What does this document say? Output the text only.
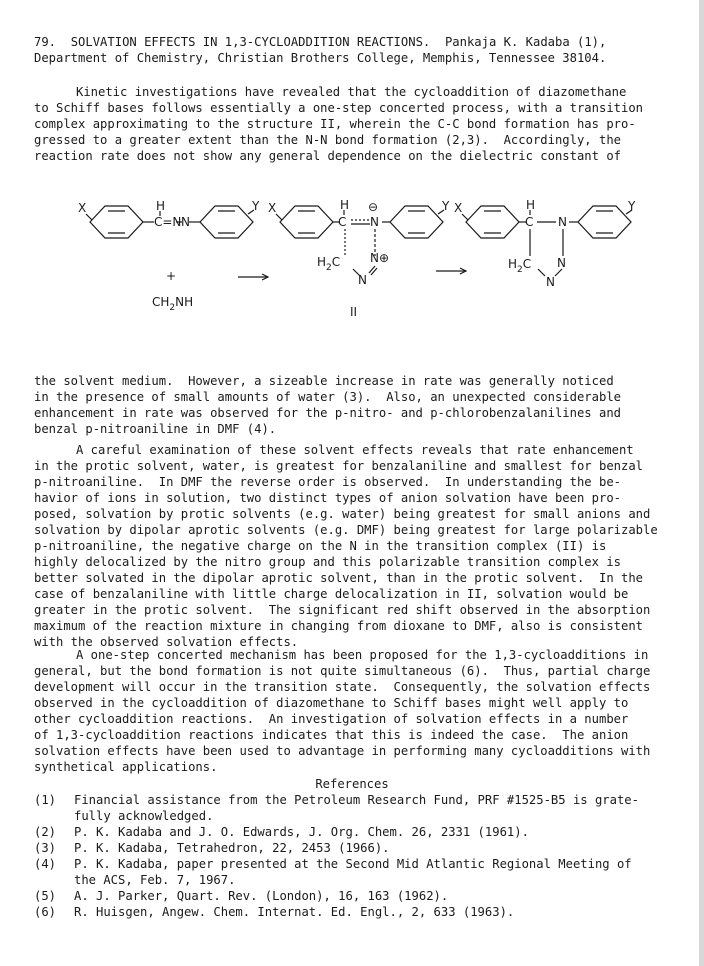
79. SOLVATION EFFECTS IN 1,3-CYCLOADDITION REACTIONS. Pankaja K. Kadaba (1),
Department of Chemistry, Christian Brothers College, Memphis, Tennessee 38104.
Kinetic investigations have revealed that the cycloaddition of diazomethane
to Schiff bases follows essentially a one-step concerted process, with a transition
complex approximating to the structure II, wherein the C-C bond formation has pro-
gressed to a greater extent than the N-N bond formation (2,3).  Accordingly, the
reaction rate does not show any general dependence on the dielectric constant of
X	H
C=N N
Y
+
$CH_2NH$
X	H
C N
⊖	Y
$H_2C$ N ⊕
N
II
X	H
C N
Y
$H_2C$ N
N
the solvent medium.  However, a sizeable increase in rate was generally noticed
in the presence of small amounts of water (3).  Also, an unexpected considerable
enhancement in rate was observed for the p-nitro- and p-chlorobenzalanilines and
benzal p-nitroaniline in DMF (4).
A careful examination of these solvent effects reveals that rate enhancement
in the protic solvent, water, is greatest for benzalaniline and smallest for benzal
p-nitroaniline.  In DMF the reverse order is observed.  In understanding the be-
havior of ions in solution, two distinct types of anion solvation have been pro-
posed, solvation by protic solvents (e.g. water) being greatest for small anions and
solvation by dipolar aprotic solvents (e.g. DMF) being greatest for large polarizable
p-nitroaniline, the negative charge on the N in the transition complex (II) is
highly delocalized by the nitro group and this polarizable transition complex is
better solvated in the dipolar aprotic solvent, than in the protic solvent.  In the
case of benzalaniline with little charge delocalization in II, solvation would be
greater in the protic solvent.  The significant red shift observed in the absorption
maximum of the reaction mixture in changing from dioxane to DMF, also is consistent
with the observed solvation effects.
A one-step concerted mechanism has been proposed for the 1,3-cycloadditions in
general, but the bond formation is not quite simultaneous (6).  Thus, partial charge
development will occur in the transition state.  Consequently, the solvation effects
observed in the cycloaddition of diazomethane to Schiff bases might well apply to
other cycloaddition reactions.  An investigation of solvation effects in a number
of 1,3-cycloaddition reactions indicates that this is indeed the case.  The anion
solvation effects have been used to advantage in performing many cycloadditions with
synthetical applications.
References
(1)	Financial assistance from the Petroleum Research Fund, PRF #1525-B5 is grate-
fully acknowledged.
(2)	P. K. Kadaba and J. O. Edwards, J. Org. Chem. 26, 2331 (1961).
(3)	P. K. Kadaba, Tetrahedron, 22, 2453 (1966).
(4)	P. K. Kadaba, paper presented at the Second Mid Atlantic Regional Meeting of
the ACS, Feb. 7, 1967.
(5)	A. J. Parker, Quart. Rev. (London), 16, 163 (1962).
(6)	R. Huisgen, Angew. Chem. Internat. Ed. Engl., 2, 633 (1963).
